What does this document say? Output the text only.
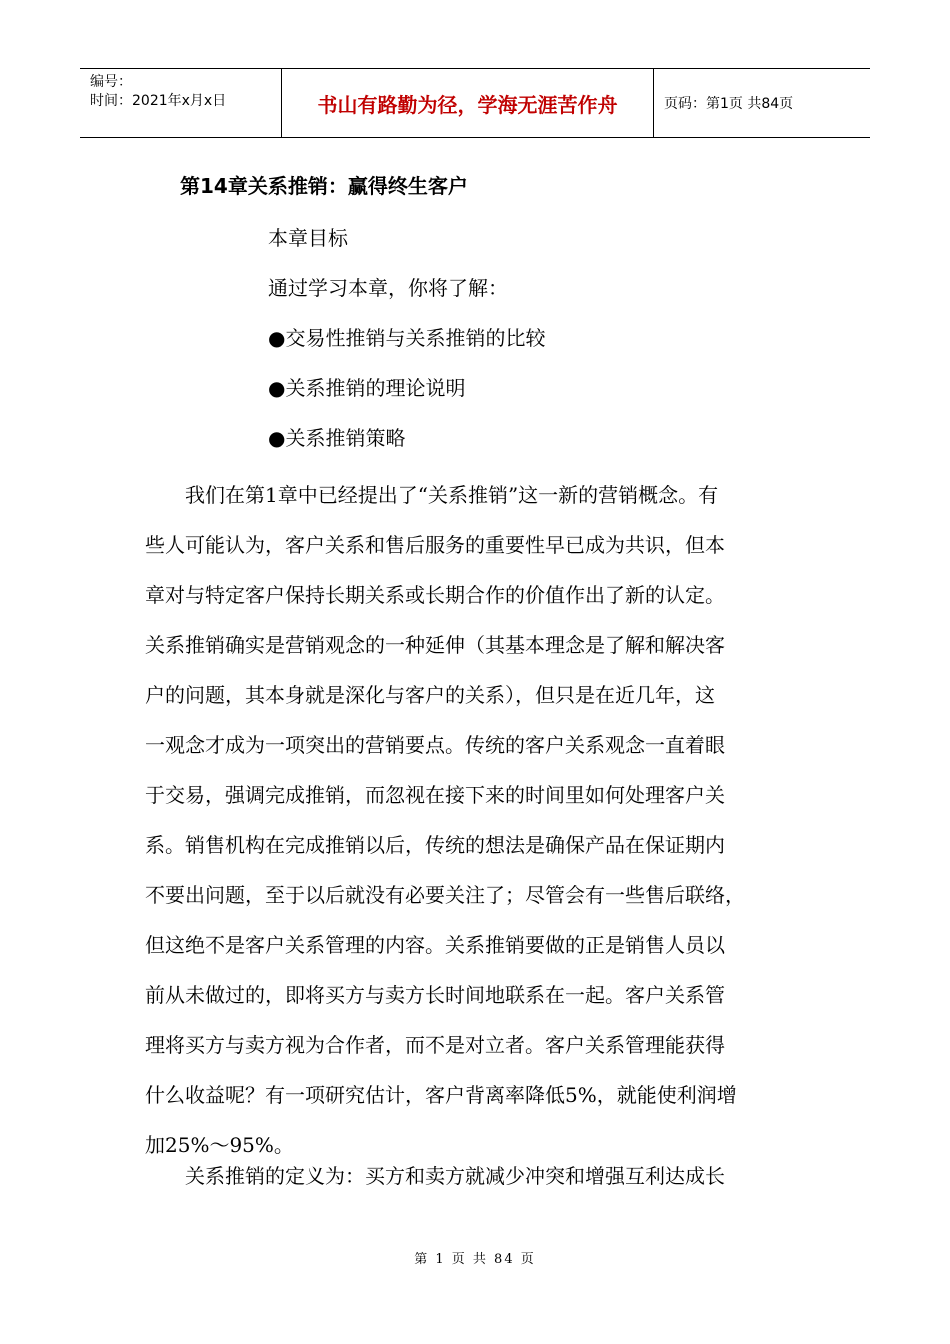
编号：
时间：2021年x月x日	书山有路勤为径，学海无涯苦作舟	页码：第1页 共84页
第14章关系推销：赢得终生客户
本章目标
通过学习本章，你将了解：
●交易性推销与关系推销的比较
●关系推销的理论说明
●关系推销策略
　　我们在第1章中已经提出了“关系推销”这一新的营销概念。有
些人可能认为，客户关系和售后服务的重要性早已成为共识，但本
章对与特定客户保持长期关系或长期合作的价值作出了新的认定。
关系推销确实是营销观念的一种延伸（其基本理念是了解和解决客
户的问题，其本身就是深化与客户的关系），但只是在近几年，这
一观念才成为一项突出的营销要点。传统的客户关系观念一直着眼
于交易，强调完成推销，而忽视在接下来的时间里如何处理客户关
系。销售机构在完成推销以后，传统的想法是确保产品在保证期内
不要出问题，至于以后就没有必要关注了；尽管会有一些售后联络，
但这绝不是客户关系管理的内容。关系推销要做的正是销售人员以
前从未做过的，即将买方与卖方长时间地联系在一起。客户关系管
理将买方与卖方视为合作者，而不是对立者。客户关系管理能获得
什么收益呢？有一项研究估计，客户背离率降低5%，就能使利润增
加25%～95%。
　　关系推销的定义为：买方和卖方就减少冲突和增强互利达成长
第 1 页 共 84 页
